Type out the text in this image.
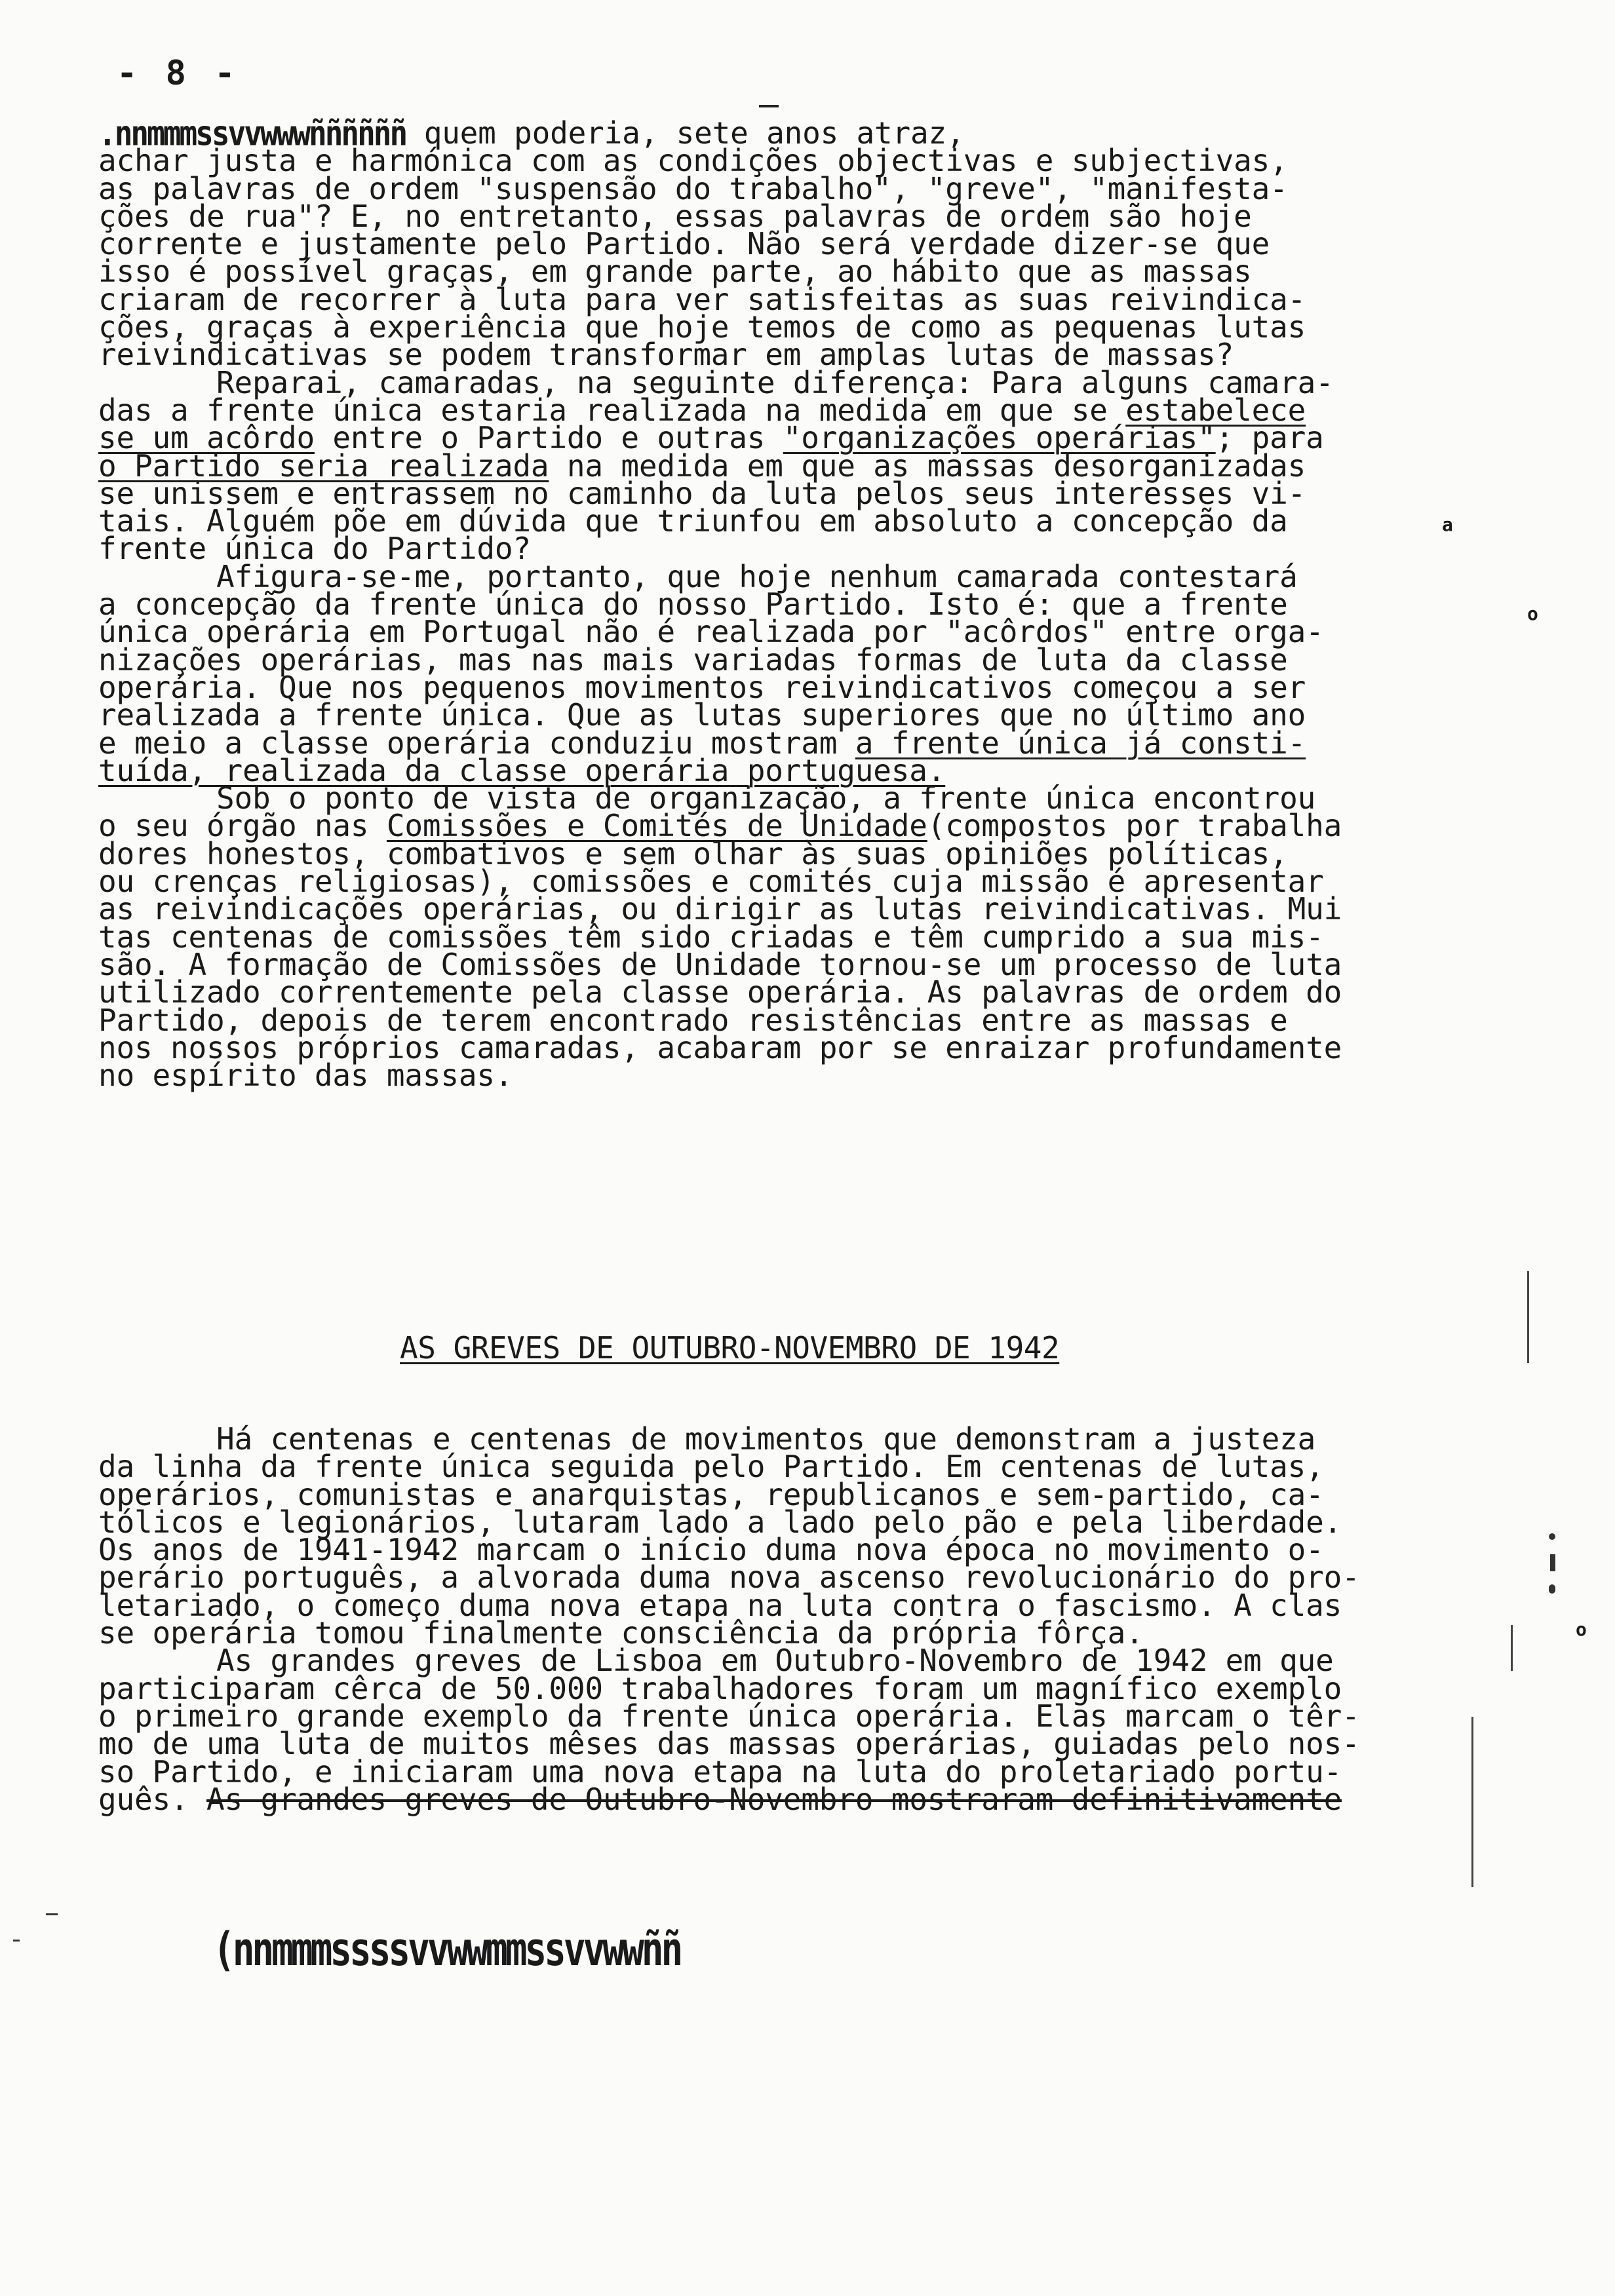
- 8 -
.nnmmmssvvwwwññññññ quem poderia, sete anos atraz,
achar justa e harmónica com as condições objectivas e subjectivas,
as palavras de ordem "suspensão do trabalho", "greve", "manifesta-
ções de rua"? E, no entretanto, essas palavras de ordem são hoje
corrente e justamente pelo Partido. Não será verdade dizer-se que
isso é possível graças, em grande parte, ao hábito que as massas
criaram de recorrer à luta para ver satisfeitas as suas reivindica-
ções, graças à experiência que hoje temos de como as pequenas lutas
reivindicativas se podem transformar em amplas lutas de massas?
Reparai, camaradas, na seguinte diferença: Para alguns camara-
das a frente única estaria realizada na medida em que se estabelece
se um acôrdo entre o Partido e outras "organizações operárias"; para
o Partido seria realizada na medida em que as massas desorganizadas
se unissem e entrassem no caminho da luta pelos seus interesses vi-
tais. Alguém põe em dúvida que triunfou em absoluto a concepção da
frente única do Partido?
Afigura-se-me, portanto, que hoje nenhum camarada contestará
a concepção da frente única do nosso Partido. Isto é: que a frente
única operária em Portugal não é realizada por "acôrdos" entre orga-
nizações operárias, mas nas mais variadas formas de luta da classe
operária. Que nos pequenos movimentos reivindicativos começou a ser
realizada a frente única. Que as lutas superiores que no último ano
e meio a classe operária conduziu mostram a frente única já consti-
tuída, realizada da classe operária portuguesa.
Sob o ponto de vista de organização, a frente única encontrou
o seu órgão nas Comissões e Comités de Unidade(compostos por trabalha
dores honestos, combativos e sem olhar às suas opiniões políticas,
ou crenças religiosas), comissões e comités cuja missão é apresentar
as reivindicações operárias, ou dirigir as lutas reivindicativas. Mui
tas centenas de comissões têm sido criadas e têm cumprido a sua mis-
são. A formação de Comissões de Unidade tornou-se um processo de luta
utilizado correntemente pela classe operária. As palavras de ordem do
Partido, depois de terem encontrado resistências entre as massas e
nos nossos próprios camaradas, acabaram por se enraizar profundamente
no espírito das massas.
AS GREVES DE OUTUBRO-NOVEMBRO DE 1942
Há centenas e centenas de movimentos que demonstram a justeza
da linha da frente única seguida pelo Partido. Em centenas de lutas,
operários, comunistas e anarquistas, republicanos e sem-partido, ca-
tólicos e legionários, lutaram lado a lado pelo pão e pela liberdade.
Os anos de 1941-1942 marcam o início duma nova época no movimento o-
perário português, a alvorada duma nova ascenso revolucionário do pro-
letariado, o começo duma nova etapa na luta contra o fascismo. A clas
se operária tomou finalmente consciência da própria fôrça.
As grandes greves de Lisboa em Outubro-Novembro de 1942 em que
participaram cêrca de 50.000 trabalhadores foram um magnífico exemplo
o primeiro grande exemplo da frente única operária. Elas marcam o têr-
mo de uma luta de muitos mêses das massas operárias, guiadas pelo nos-
so Partido, e iniciaram uma nova etapa na luta do proletariado portu-
guês. As grandes greves de Outubro-Novembro mostraram definitivamente
(nnmmmssssvvwwmmssvvwwññ
a
o
o
